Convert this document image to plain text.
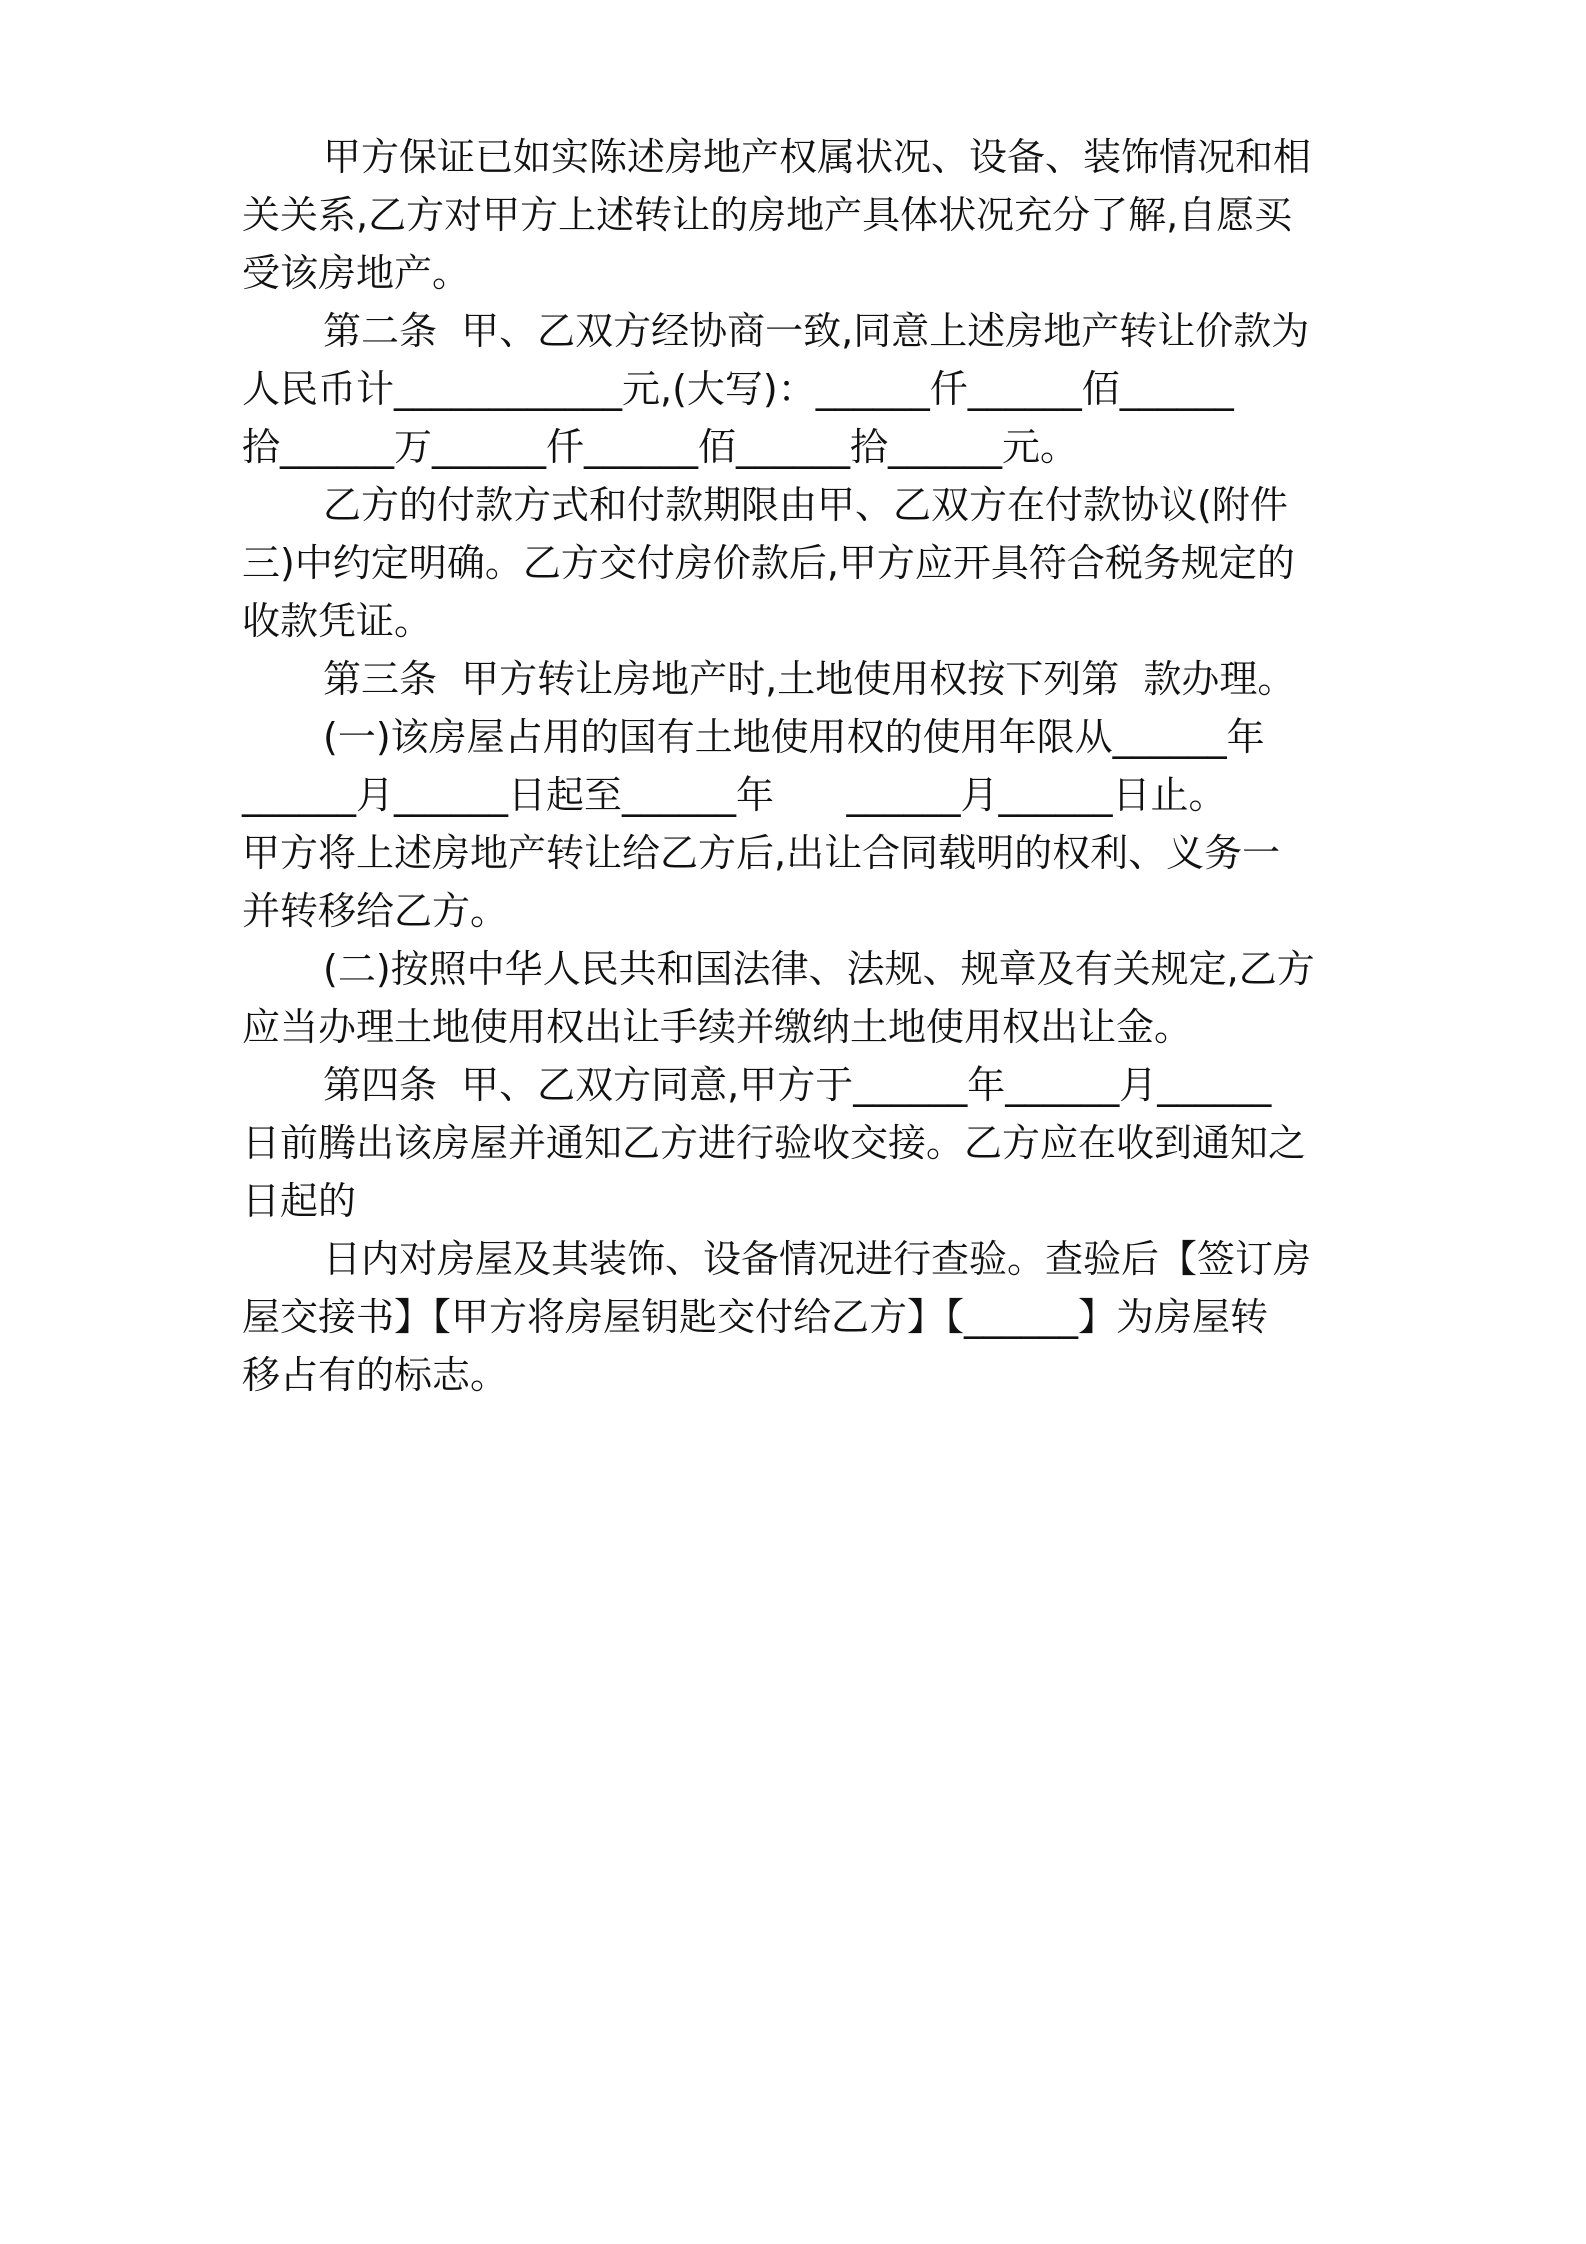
甲方保证已如实陈述房地产权属状况、设备、装饰情况和相

关关系,乙方对甲方上述转让的房地产具体状况充分了解,自愿买

受该房地产。

第二条  甲、乙双方经协商一致,同意上述房地产转让价款为

人民币计____________元,(大写)：______仟______佰______

拾______万______仟______佰______拾______元。

乙方的付款方式和付款期限由甲、乙双方在付款协议(附件

三)中约定明确。乙方交付房价款后,甲方应开具符合税务规定的

收款凭证。

第三条  甲方转让房地产时,土地使用权按下列第  款办理。

(一)该房屋占用的国有土地使用权的使用年限从______年

______月______日起至______年      ______月______日止。

甲方将上述房地产转让给乙方后,出让合同载明的权利、义务一

并转移给乙方。

(二)按照中华人民共和国法律、法规、规章及有关规定,乙方

应当办理土地使用权出让手续并缴纳土地使用权出让金。

第四条  甲、乙双方同意,甲方于______年______月______

日前腾出该房屋并通知乙方进行验收交接。乙方应在收到通知之

日起的

日内对房屋及其装饰、设备情况进行查验。查验后【签订房

屋交接书】【甲方将房屋钥匙交付给乙方】【______】为房屋转

移占有的标志。
